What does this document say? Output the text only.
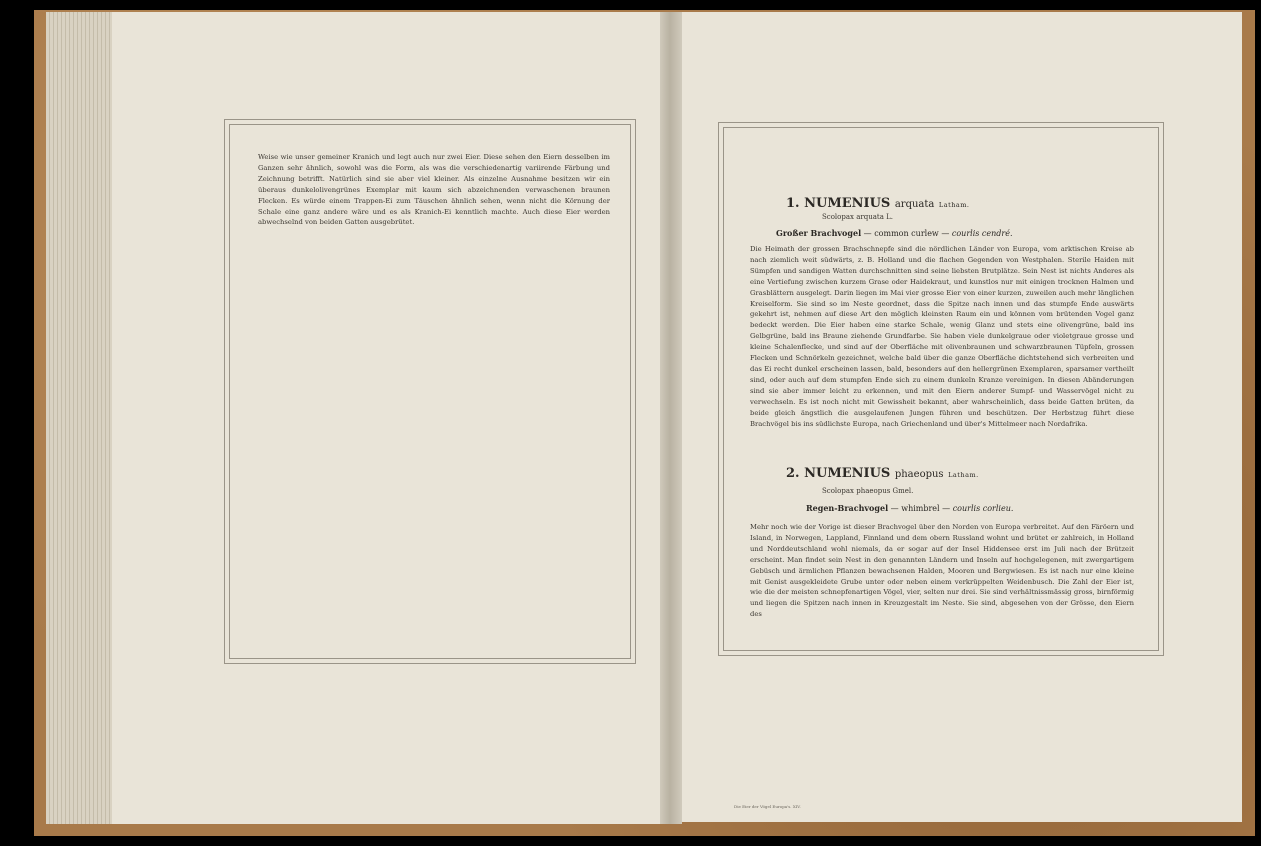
Weise wie unser gemeiner Kranich und legt auch nur zwei Eier. Diese sehen den Eiern desselben im Ganzen sehr ähnlich, sowohl was die Form, als was die verschiedenartig variirende Färbung und Zeichnung betrifft. Natürlich sind sie aber viel kleiner. Als einzelne Ausnahme besitzen wir ein überaus dunkelolivengrünes Exemplar mit kaum sich abzeichnenden verwaschenen braunen Flecken. Es würde einem Trappen-Ei zum Täuschen ähnlich sehen, wenn nicht die Körnung der Schale eine ganz andere wäre und es als Kranich-Ei kenntlich machte. Auch diese Eier werden abwechselnd von beiden Gatten ausgebrütet.
1. NUMENIUS arquata Latham.
Scolopax arquata L.
Großer Brachvogel — common curlew — courlis cendré.
Die Heimath der grossen Brachschnepfe sind die nördlichen Länder von Europa, vom arktischen Kreise ab nach ziemlich weit südwärts, z. B. Holland und die flachen Gegenden von Westphalen. Sterile Haiden mit Sümpfen und sandigen Watten durchschnitten sind seine liebsten Brutplätze. Sein Nest ist nichts Anderes als eine Vertiefung zwischen kurzem Grase oder Haidekraut, und kunstlos nur mit einigen trocknen Halmen und Grasblättern ausgelegt. Darin liegen im Mai vier grosse Eier von einer kurzen, zuweilen auch mehr länglichen Kreiselform. Sie sind so im Neste geordnet, dass die Spitze nach innen und das stumpfe Ende auswärts gekehrt ist, nehmen auf diese Art den möglich kleinsten Raum ein und können vom brütenden Vogel ganz bedeckt werden. Die Eier haben eine starke Schale, wenig Glanz und stets eine olivengrüne, bald ins Gelbgrüne, bald ins Braune ziehende Grundfarbe. Sie haben viele dunkelgraue oder violetgraue grosse und kleine Schalenflecke, und sind auf der Oberfläche mit olivenbraunen und schwarzbraunen Tüpfeln, grossen Flecken und Schnörkeln gezeichnet, welche bald über die ganze Oberfläche dichtstehend sich verbreiten und das Ei recht dunkel erscheinen lassen, bald, besonders auf den hellergrünen Exemplaren, sparsamer vertheilt sind, oder auch auf dem stumpfen Ende sich zu einem dunkeln Kranze vereinigen. In diesen Abänderungen sind sie aber immer leicht zu erkennen, und mit den Eiern anderer Sumpf- und Wasservögel nicht zu verwechseln. Es ist noch nicht mit Gewissheit bekannt, aber wahrscheinlich, dass beide Gatten brüten, da beide gleich ängstlich die ausgelaufenen Jungen führen und beschützen. Der Herbstzug führt diese Brachvögel bis ins südlichste Europa, nach Griechenland und über's Mittelmeer nach Nordafrika.
2. NUMENIUS phaeopus Latham.
Scolopax phaeopus Gmel.
Regen-Brachvogel — whimbrel — courlis corlieu.
Mehr noch wie der Vorige ist dieser Brachvogel über den Norden von Europa verbreitet. Auf den Färöern und Island, in Norwegen, Lappland, Finnland und dem obern Russland wohnt und brütet er zahlreich, in Holland und Norddeutschland wohl niemals, da er sogar auf der Insel Hiddensee erst im Juli nach der Brützeit erscheint. Man findet sein Nest in den genannten Ländern und Inseln auf hochgelegenen, mit zwergartigem Gebüsch und ärmlichen Pflanzen bewachsenen Halden, Mooren und Bergwiesen. Es ist nach nur eine kleine mit Genist ausgekleidete Grube unter oder neben einem verkrüppelten Weidenbusch. Die Zahl der Eier ist, wie die der meisten schnepfenartigen Vögel, vier, selten nur drei. Sie sind verhältnissmässig gross, birnförmig und liegen die Spitzen nach innen in Kreuzgestalt im Neste. Sie sind, abgesehen von der Grösse, den Eiern des
Die Eier der Vögel Europa's. XIV.
